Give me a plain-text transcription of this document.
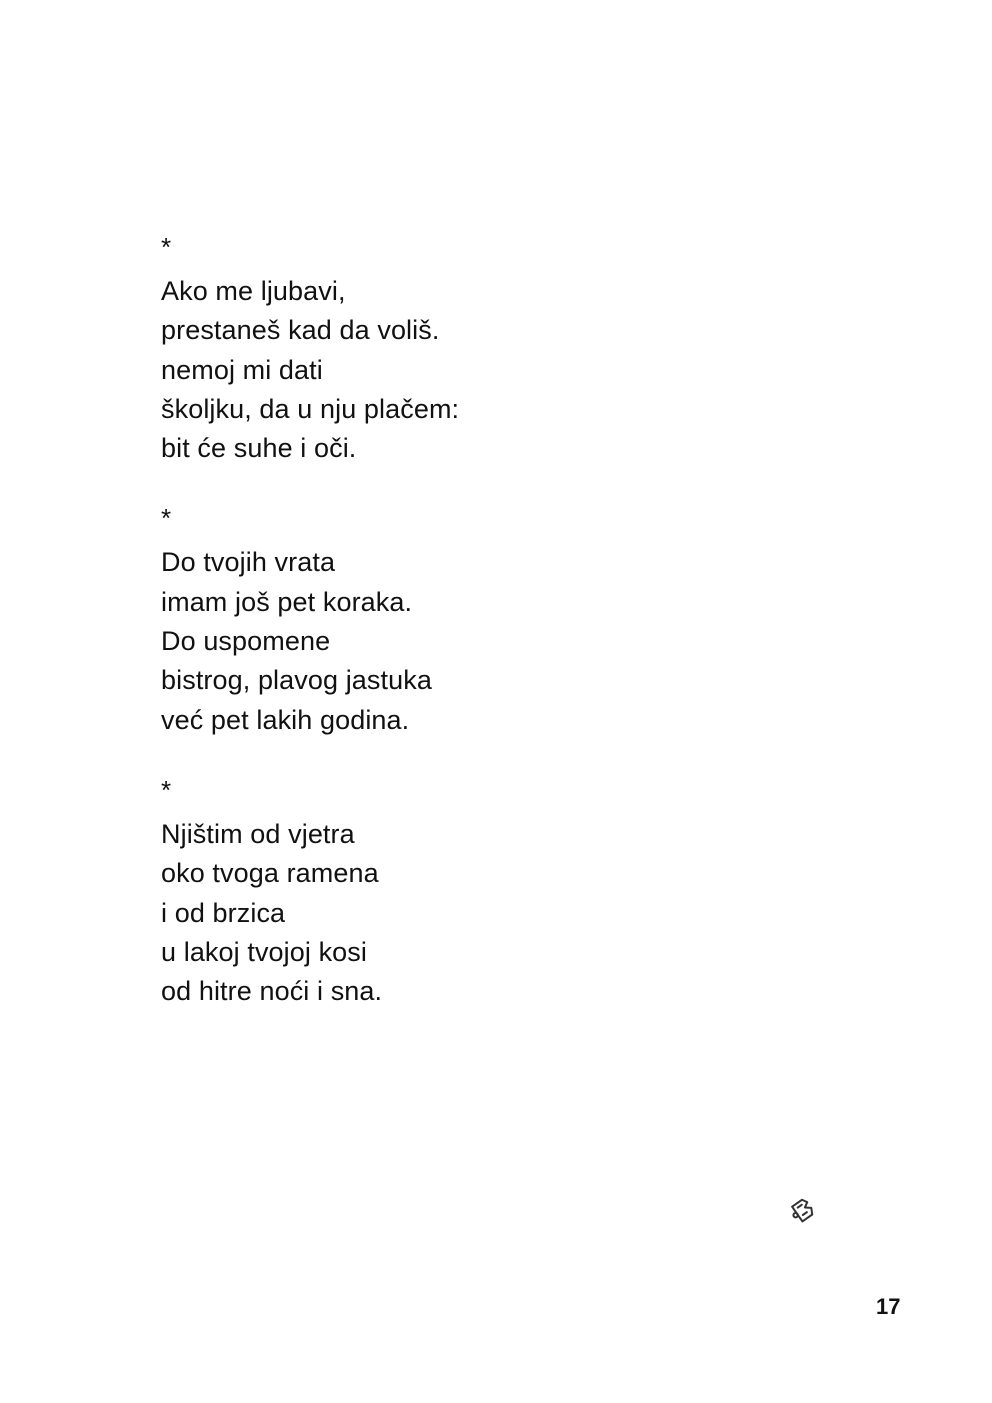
*
Ako me ljubavi,
prestaneš kad da voliš.
nemoj mi dati
školjku, da u nju plačem:
bit će suhe i oči.
*
Do tvojih vrata
imam još pet koraka.
Do uspomene
bistrog, plavog jastuka
već pet lakih godina.
*
Njištim od vjetra
oko tvoga ramena
i od brzica
u lakoj tvojoj kosi
od hitre noći i sna.
17
